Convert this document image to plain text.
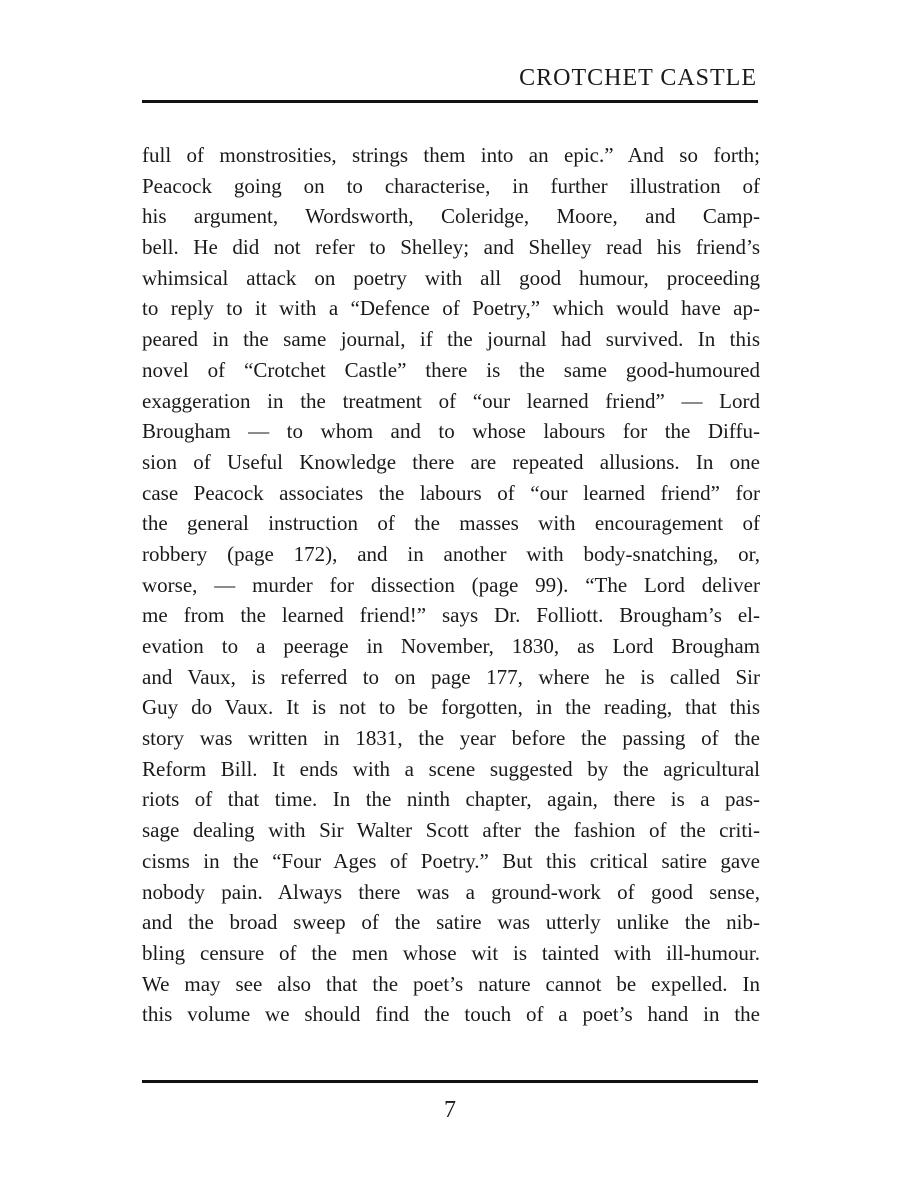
CROTCHET CASTLE
full of monstrosities, strings them into an epic.” And so forth;
Peacock going on to characterise, in further illustration of
his argument, Wordsworth, Coleridge, Moore, and Camp-
bell. He did not refer to Shelley; and Shelley read his friend’s
whimsical attack on poetry with all good humour, proceeding
to reply to it with a “Defence of Poetry,” which would have ap-
peared in the same journal, if the journal had survived. In this
novel of “Crotchet Castle” there is the same good-humoured
exaggeration in the treatment of “our learned friend” — Lord
Brougham — to whom and to whose labours for the Diffu-
sion of Useful Knowledge there are repeated allusions. In one
case Peacock associates the labours of “our learned friend” for
the general instruction of the masses with encouragement of
robbery (page 172), and in another with body-snatching, or,
worse, — murder for dissection (page 99). “The Lord deliver
me from the learned friend!” says Dr. Folliott. Brougham’s el-
evation to a peerage in November, 1830, as Lord Brougham
and Vaux, is referred to on page 177, where he is called Sir
Guy do Vaux. It is not to be forgotten, in the reading, that this
story was written in 1831, the year before the passing of the
Reform Bill. It ends with a scene suggested by the agricultural
riots of that time. In the ninth chapter, again, there is a pas-
sage dealing with Sir Walter Scott after the fashion of the criti-
cisms in the “Four Ages of Poetry.” But this critical satire gave
nobody pain. Always there was a ground-work of good sense,
and the broad sweep of the satire was utterly unlike the nib-
bling censure of the men whose wit is tainted with ill-humour.
We may see also that the poet’s nature cannot be expelled. In
this volume we should find the touch of a poet’s hand in the
7
